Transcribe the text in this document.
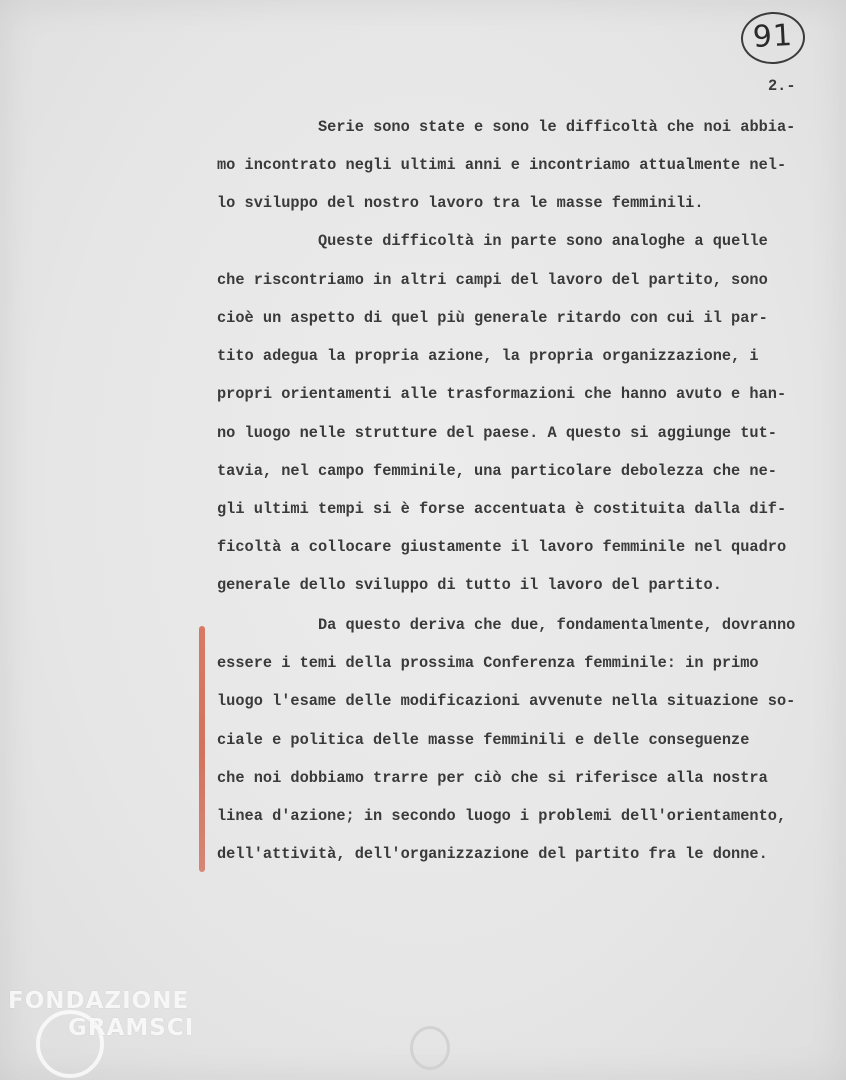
91
2.-
Serie sono state e sono le difficoltà che noi abbia-
mo incontrato negli ultimi anni e incontriamo attualmente nel-
lo sviluppo del nostro lavoro tra le masse femminili.
Queste difficoltà in parte sono analoghe a quelle
che riscontriamo in altri campi del lavoro del partito, sono
cioè un aspetto di quel più generale ritardo con cui il par-
tito adegua la propria azione, la propria organizzazione, i
propri orientamenti alle trasformazioni che hanno avuto e han-
no luogo nelle strutture del paese. A questo si aggiunge tut-
tavia, nel campo femminile, una particolare debolezza che ne-
gli ultimi tempi si è forse accentuata è costituita dalla dif-
ficoltà a collocare giustamente il lavoro femminile nel quadro
generale dello sviluppo di tutto il lavoro del partito.
Da questo deriva che due, fondamentalmente, dovranno
essere i temi della prossima Conferenza femminile: in primo
luogo l'esame delle modificazioni avvenute nella situazione so-
ciale e politica delle masse femminili e delle conseguenze
che noi dobbiamo trarre per ciò che si riferisce alla nostra
linea d'azione; in secondo luogo i problemi dell'orientamento,
dell'attività, dell'organizzazione del partito fra le donne.
FONDAZIONE
GRAMSCI
